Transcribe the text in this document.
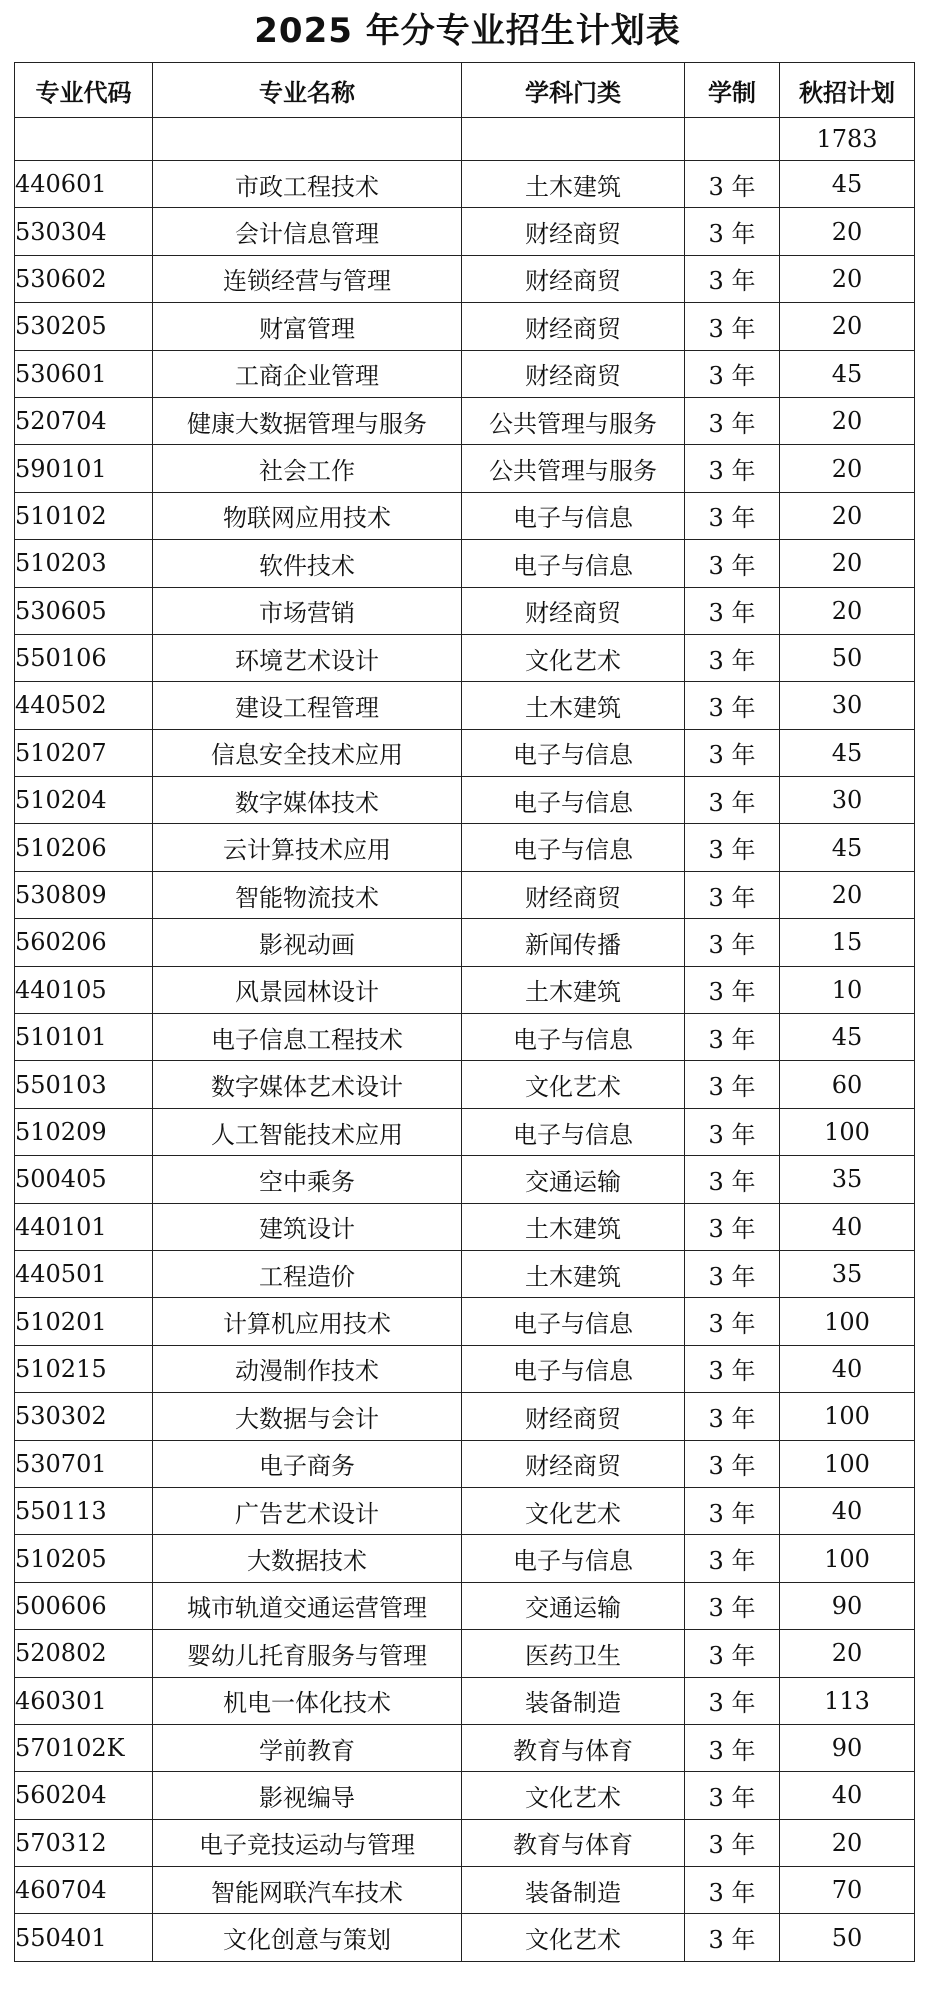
2025 年分专业招生计划表
专业代码	专业名称	学科门类	学制	秋招计划
				1783
440601	市政工程技术	土木建筑	3 年	45
530304	会计信息管理	财经商贸	3 年	20
530602	连锁经营与管理	财经商贸	3 年	20
530205	财富管理	财经商贸	3 年	20
530601	工商企业管理	财经商贸	3 年	45
520704	健康大数据管理与服务	公共管理与服务	3 年	20
590101	社会工作	公共管理与服务	3 年	20
510102	物联网应用技术	电子与信息	3 年	20
510203	软件技术	电子与信息	3 年	20
530605	市场营销	财经商贸	3 年	20
550106	环境艺术设计	文化艺术	3 年	50
440502	建设工程管理	土木建筑	3 年	30
510207	信息安全技术应用	电子与信息	3 年	45
510204	数字媒体技术	电子与信息	3 年	30
510206	云计算技术应用	电子与信息	3 年	45
530809	智能物流技术	财经商贸	3 年	20
560206	影视动画	新闻传播	3 年	15
440105	风景园林设计	土木建筑	3 年	10
510101	电子信息工程技术	电子与信息	3 年	45
550103	数字媒体艺术设计	文化艺术	3 年	60
510209	人工智能技术应用	电子与信息	3 年	100
500405	空中乘务	交通运输	3 年	35
440101	建筑设计	土木建筑	3 年	40
440501	工程造价	土木建筑	3 年	35
510201	计算机应用技术	电子与信息	3 年	100
510215	动漫制作技术	电子与信息	3 年	40
530302	大数据与会计	财经商贸	3 年	100
530701	电子商务	财经商贸	3 年	100
550113	广告艺术设计	文化艺术	3 年	40
510205	大数据技术	电子与信息	3 年	100
500606	城市轨道交通运营管理	交通运输	3 年	90
520802	婴幼儿托育服务与管理	医药卫生	3 年	20
460301	机电一体化技术	装备制造	3 年	113
570102K	学前教育	教育与体育	3 年	90
560204	影视编导	文化艺术	3 年	40
570312	电子竞技运动与管理	教育与体育	3 年	20
460704	智能网联汽车技术	装备制造	3 年	70
550401	文化创意与策划	文化艺术	3 年	50
